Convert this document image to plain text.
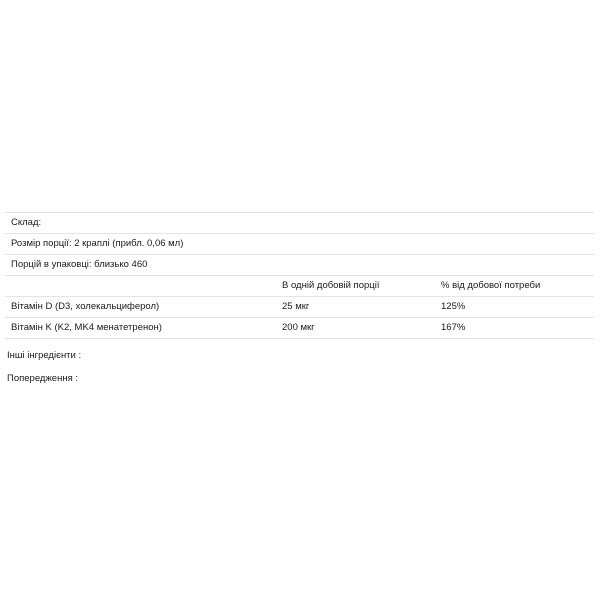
Склад:		
Розмір порції: 2 краплі (прибл. 0,06 мл)		
Порцій в упаковці: близько 460		
	В одній добовій порції	% від добової потреби
Вітамін D (D3, холекальциферол)	25 мкг	125%
Вітамін K (K2, MK4 менатетренон)	200 мкг	167%
Інші інгредієнти :
Попередження :
